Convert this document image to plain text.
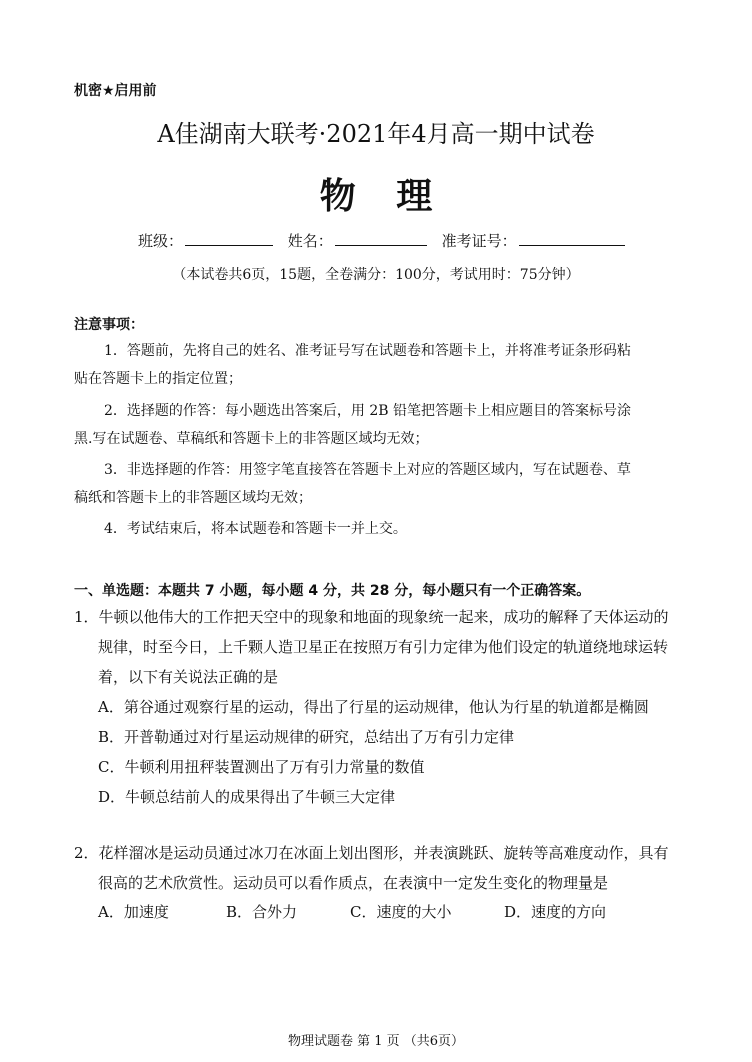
机密★启用前
A佳湖南大联考·2021年4月高一期中试卷
物 理
班级：	姓名：	准考证号：
（本试卷共6页，15题，全卷满分：100分，考试用时：75分钟）
注意事项：
1．答题前，先将自己的姓名、准考证号写在试题卷和答题卡上，并将准考证条形码粘
贴在答题卡上的指定位置；
2．选择题的作答：每小题选出答案后，用 2B 铅笔把答题卡上相应题目的答案标号涂
黑.写在试题卷、草稿纸和答题卡上的非答题区域均无效；
3．非选择题的作答：用签字笔直接答在答题卡上对应的答题区域内，写在试题卷、草
稿纸和答题卡上的非答题区域均无效；
4．考试结束后，将本试题卷和答题卡一并上交。
一、单选题：本题共 7 小题，每小题 4 分，共 28 分，每小题只有一个正确答案。
1．牛顿以他伟大的工作把天空中的现象和地面的现象统一起来，成功的解释了天体运动的
规律，时至今日，上千颗人造卫星正在按照万有引力定律为他们设定的轨道绕地球运转
着，以下有关说法正确的是
A．第谷通过观察行星的运动，得出了行星的运动规律，他认为行星的轨道都是椭圆
B．开普勒通过对行星运动规律的研究，总结出了万有引力定律
C．牛顿利用扭秤装置测出了万有引力常量的数值
D．牛顿总结前人的成果得出了牛顿三大定律
2．花样溜冰是运动员通过冰刀在冰面上划出图形，并表演跳跃、旋转等高难度动作，具有
很高的艺术欣赏性。运动员可以看作质点，在表演中一定发生变化的物理量是
A．加速度	B．合外力	C．速度的大小	D．速度的方向
物理试题卷 第 1 页 （共6页）
